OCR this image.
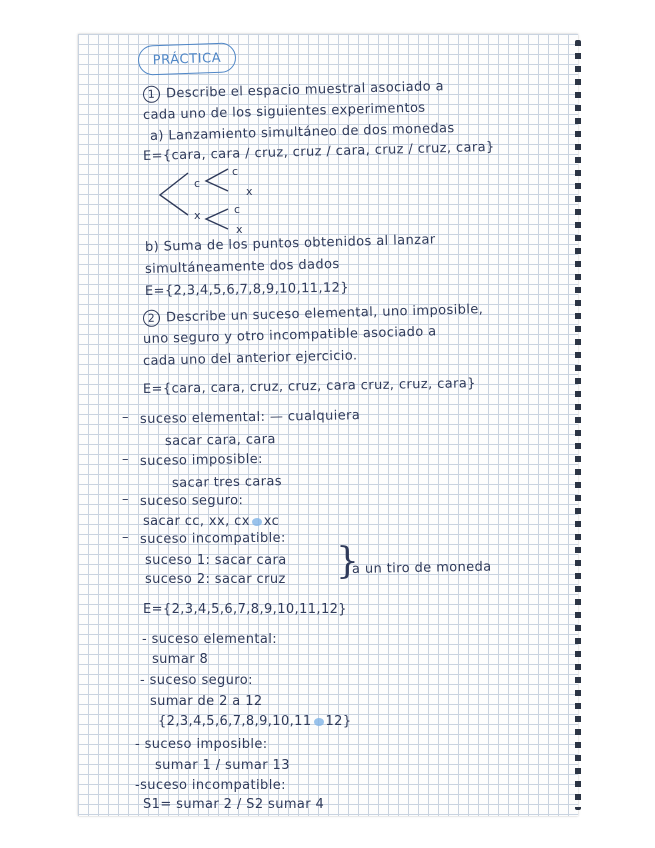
PRÁCTICA
1 Describe el espacio muestral asociado a
cada uno de los siguientes experimentos
a) Lanzamiento simultáneo de dos monedas
E={cara, cara / cruz, cruz / cara, cruz / cruz, cara}
c
x
c
x
c
x
b) Suma de los puntos obtenidos al lanzar
simultáneamente dos dados
E={2,3,4,5,6,7,8,9,10,11,12}
2 Describe un suceso elemental, uno imposible,
uno seguro y otro incompatible asociado a
cada uno del anterior ejercicio.
E={cara, cara, cruz, cruz, cara cruz, cruz, cara}
– suceso elemental: — cualquiera
sacar cara, cara
– suceso imposible:
sacar tres caras
– suceso seguro:
sacar cc, xx, cx xc
– suceso incompatible:
suceso 1: sacar cara
suceso 2: sacar cruz }
a un tiro de moneda
E={2,3,4,5,6,7,8,9,10,11,12}
- suceso elemental:
sumar 8
- suceso seguro:
sumar de 2 a 12
{2,3,4,5,6,7,8,9,10,11 12}
- suceso imposible:
sumar 1 / sumar 13
-suceso incompatible:
S1= sumar 2 / S2 sumar 4
